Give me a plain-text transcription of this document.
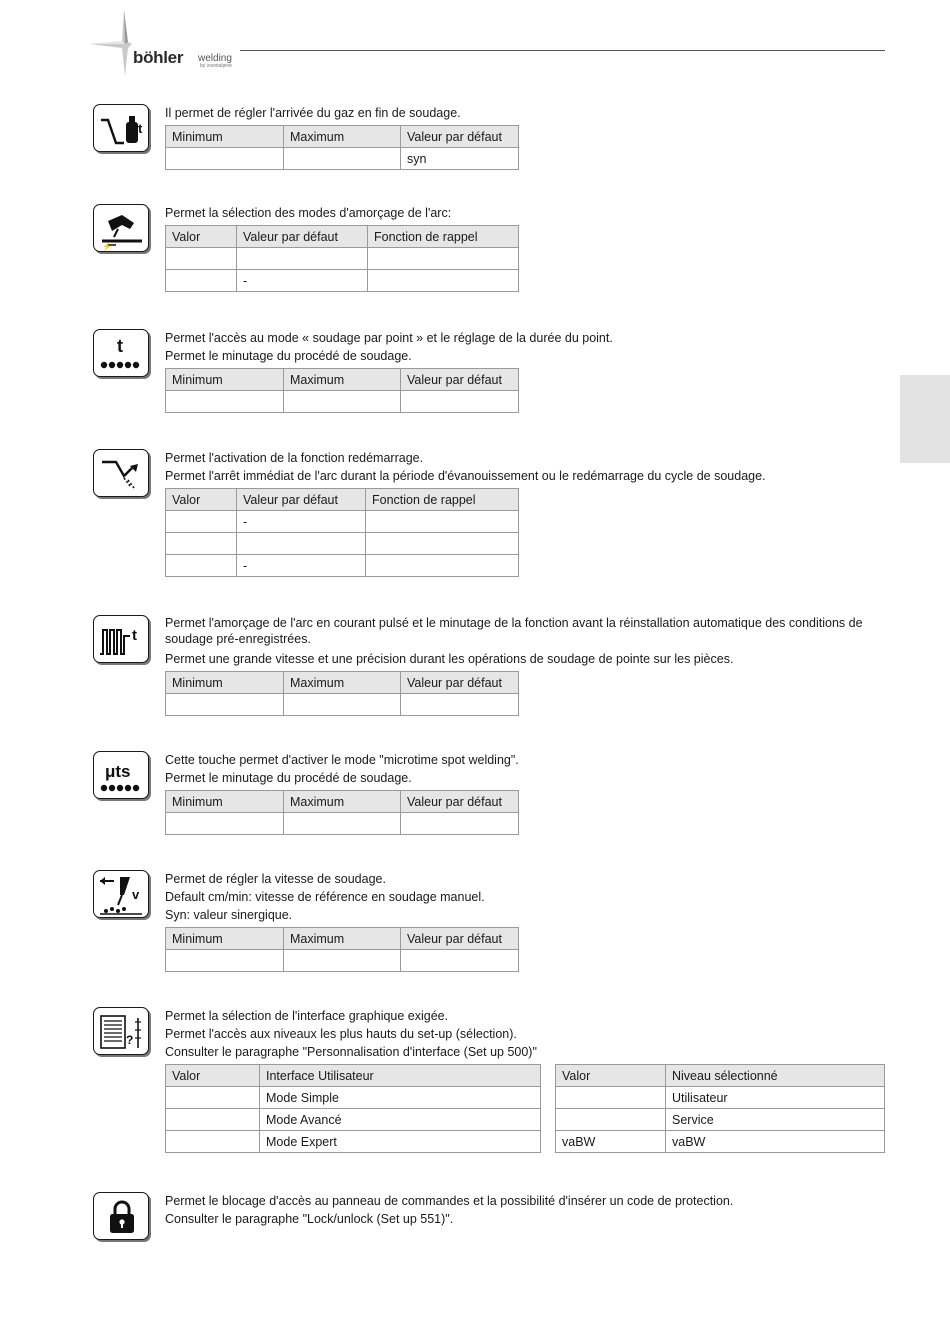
böhler welding
by voestalpine
t
Il permet de régler l'arrivée du gaz en fin de soudage.
Minimum	Maximum	Valeur par défaut
		syn
⚡
Permet la sélection des modes d'amorçage de l'arc:
Valor	Valeur par défaut	Fonction de rappel

	-	
t	Permet l'accès au mode « soudage par point » et le réglage de la durée du point.
Permet le minutage du procédé de soudage.
Minimum	Maximum	Valeur par défaut

Permet l'activation de la fonction redémarrage.
Permet l'arrêt immédiat de l'arc durant la période d'évanouissement ou le redémarrage du cycle de soudage.
Valor	Valeur par défaut	Fonction de rappel
	-	

	-	
t
Permet l'amorçage de l'arc en courant pulsé et le minutage de la fonction avant la réinstallation automatique des conditions de soudage pré-enregistrées.
Permet une grande vitesse et une précision durant les opérations de soudage de pointe sur les pièces.
Minimum	Maximum	Valeur par défaut

μts
Cette touche permet d'activer le mode "microtime spot welding".
Permet le minutage du procédé de soudage.
Minimum	Maximum	Valeur par défaut

v
Permet de régler la vitesse de soudage.
Default cm/min: vitesse de référence en soudage manuel.
Syn: valeur sinergique.
Minimum	Maximum	Valeur par défaut

?
Permet la sélection de l'interface graphique exigée.
Permet l'accès aux niveaux les plus hauts du set-up (sélection).
Consulter le paragraphe "Personnalisation d'interface (Set up 500)"
Valor	Interface Utilisateur
	Mode Simple
	Mode Avancé
	Mode Expert
Valor	Niveau sélectionné
	Utilisateur
	Service
vaBW	vaBW
Permet le blocage d'accès au panneau de commandes et la possibilité d'insérer un code de protection.
Consulter le paragraphe "Lock/unlock (Set up 551)".
